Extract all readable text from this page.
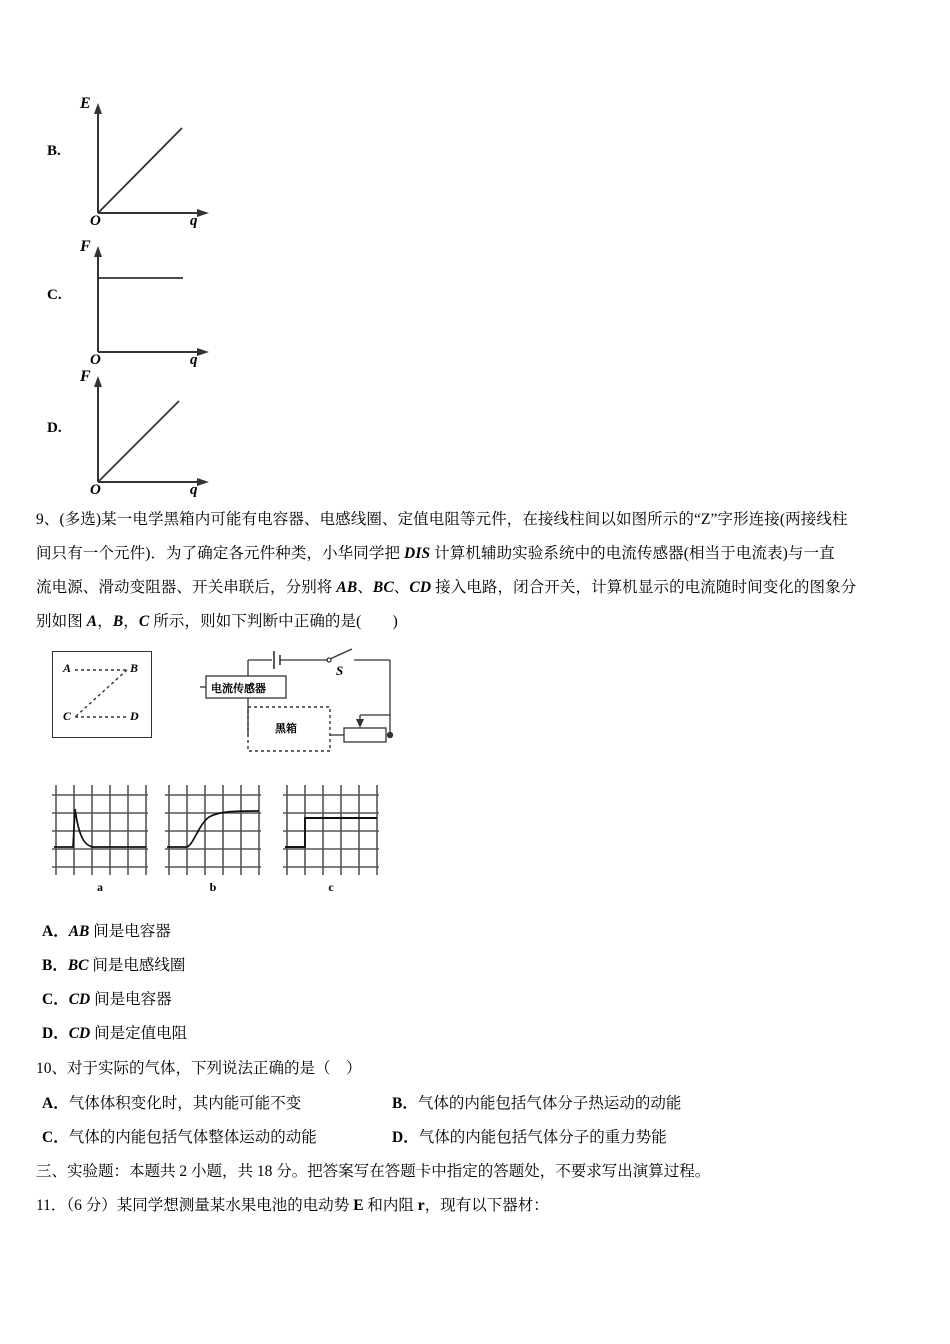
B.
E
O	q
C.
F
O	q
D.
F
O	q
9、(多选)某一电学黑箱内可能有电容器、电感线圈、定值电阻等元件，在接线柱间以如图所示的“Z”字形连接(两接线柱
间只有一个元件)．为了确定各元件种类，小华同学把 DIS 计算机辅助实验系统中的电流传感器(相当于电流表)与一直
流电源、滑动变阻器、开关串联后，分别将 AB、BC、CD 接入电路，闭合开关，计算机显示的电流随时间变化的图象分
别如图 A，B，C 所示，则如下判断中正确的是(　　)
A	B
C	D
电流传感器
黑箱
S
a	b	c
A．AB 间是电容器
B．BC 间是电感线圈
C．CD 间是电容器
D．CD 间是定值电阻
10、对于实际的气体，下列说法正确的是（　）
A．气体体积变化时，其内能可能不变	B．气体的内能包括气体分子热运动的动能
C．气体的内能包括气体整体运动的动能	D．气体的内能包括气体分子的重力势能
三、实验题：本题共 2 小题，共 18 分。把答案写在答题卡中指定的答题处，不要求写出演算过程。
11．（6 分）某同学想测量某水果电池的电动势 E 和内阻 r，现有以下器材：
